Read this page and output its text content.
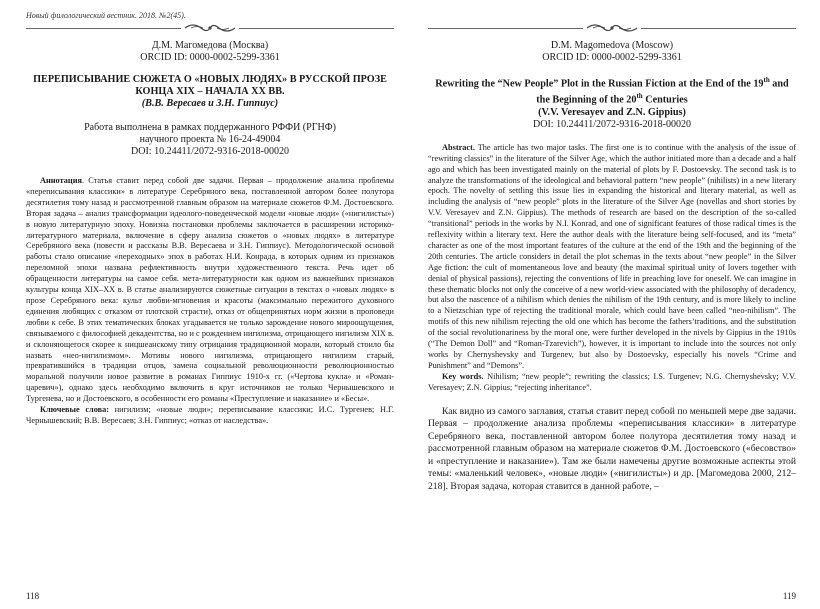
Новый филологический вестник. 2018. №2(45).
Д.М. Магомедова (Москва)
ORCID ID: 0000-0002-5299-3361
ПЕРЕПИСЫВАНИЕ СЮЖЕТА О «НОВЫХ ЛЮДЯХ» В РУССКОЙ ПРОЗЕ КОНЦА XIX – НАЧАЛА XX ВВ.
(В.В. Вересаев и З.Н. Гиппиус)
Работа выполнена в рамках поддержанного РФФИ (РГНФ)
научного проекта № 16-24-49004
DOI: 10.24411/2072-9316-2018-00020

Аннотация. Статья ставит перед собой две задачи. Первая – продолжение анализа проблемы «переписывания классики» в литературе Серебряного века, поставленной автором более полутора десятилетия тому назад и рассмотренной главным образом на материале сюжетов Ф.М. Достоевского. Вторая задача – анализ трансформации идеолого-поведенческой модели «новые люди» («нигилисты») в новую литературную эпоху. Новизна постановки проблемы заключается в расширении историко-литературного материала, включение в сферу анализа сюжетов о «новых людях» в литературе Серебряного века (повести и рассказы В.В. Вересаева и З.Н. Гиппиус). Методологической основой работы стало описание «переходных» эпох в работах Н.И. Конрада, в которых одним из признаков переломной эпохи названа рефлективность внутри художественного текста. Речь идет об обращенности литературы на самое себя. мета-литературности как одном из важнейших признаков культуры конца XIX–XX в. В статье анализируются сюжетные ситуации в текстах о «новых людях» в прозе Серебряного века: культ любви-мгновения и красоты (максимально пережитого духовного единения любящих с отказом от плотской страсти), отказ от общепринятых норм жизни в проповеди любви к себе. В этих тематических блоках угадывается не только зарождение нового мироощущения, связываемого с философией декадентства, но и с рождением нигилизма, отрицающего нигилизм XIX в. и склоняющегося скорее к ницшеанскому типу отрицания традиционной морали, который стоило бы назвать «нео-нигилизмом». Мотивы нового нигилизма, отрицающего нигилизм старый, превратившийся в традиции отцов, замена социальной революционности революционностью моральной получили новое развитие в романах Гиппиус 1910-х гг. («Чертова кукла» и «Роман-царевич»), однако здесь необходимо включить в круг источников не только Чернышевского и Тургенева, но и Достоевского, в особенности его романы «Преступление и наказание» и «Бесы».

Ключевые слова: нигилизм; «новые люди»; переписывание классики; И.С. Тургенев; Н.Г. Чернышевский; В.В. Вересаев; З.Н. Гиппиус; «отказ от наследства».

118
D.M. Magomedova (Moscow)
ORCID ID: 0000-0002-5299-3361
Rewriting the “New People” Plot in the Russian Fiction at the End of the 19th and the Beginning of the 20th Centuries
(V.V. Veresayev and Z.N. Gippius)
DOI: 10.24411/2072-9316-2018-00020

Abstract. The article has two major tasks. The first one is to continue with the analysis of the issue of “rewriting classics” in the literature of the Silver Age, which the author initiated more than a decade and a half ago and which has been investigated mainly on the material of plots by F. Dostoevsky. The second task is to analyze the transformations of the ideological and behavioral pattern “new people” (nihilists) in a new literary epoch. The novelty of settling this issue lies in expanding the historical and literary material, as well as including the analysis of “new people” plots in the literature of the Silver Age (novellas and short stories by V.V. Veresayev and Z.N. Gippius). The methods of research are based on the description of the so-called “transitional” periods in the works by N.I. Konrad, and one of significant features of those radical times is the reflexivity within a literary text. Here the author deals with the literature being self-focused, and its “meta” character as one of the most important features of the culture at the end of the 19th and the beginning of the 20th centuries. The article considers in detail the plot schemas in the texts about “new people” in the Silver Age fiction: the cult of momentaneous love and beauty (the maximal spiritual unity of lovers together with denial of physical passions), rejecting the conventions of life in preaching love for oneself. We can imagine in these thematic blocks not only the conceive of a new world-view associated with the philosophy of decadency, but also the nascence of a nihilism which denies the nihilism of the 19th century, and is more likely to incline to a Nietzschian type of rejecting the traditional morale, which could have been called “neo-nihilism”. The motifs of this new nihilism rejecting the old one which has become the fathers’traditions, and the substitution of the social revolutionariness by the moral one, were further developed in the nivels by Gippius in the 1910s (“The Demon Doll” and “Roman-Tzarevich”), however, it is important to include into the sources not only works by Chernyshevsky and Turgenev, but also by Dostoevsky, especially his novels “Crime and Punishment” and “Demons”.

Key words. Nihilism; “new people”; rewriting the classics; I.S. Turgenev; N.G. Chernyshevsky; V.V. Veresayev; Z.N. Gippius; “rejecting inheritance”.

Как видно из самого заглавия, статья ставит перед собой по меньшей мере две задачи. Первая – продолжение анализа проблемы «переписывания классики» в литературе Серебряного века, поставленной автором более полутора десятилетия тому назад и рассмотренной главным образом на материале сюжетов Ф.М. Достоевского («бесовство» и «преступление и наказание»). Там же были намечены другие возможные аспекты этой темы: «маленький человек», «новые люди» («нигилисты») и др. [Магомедова 2000, 212–218]. Вторая задача, которая ставится в данной работе, –

119
